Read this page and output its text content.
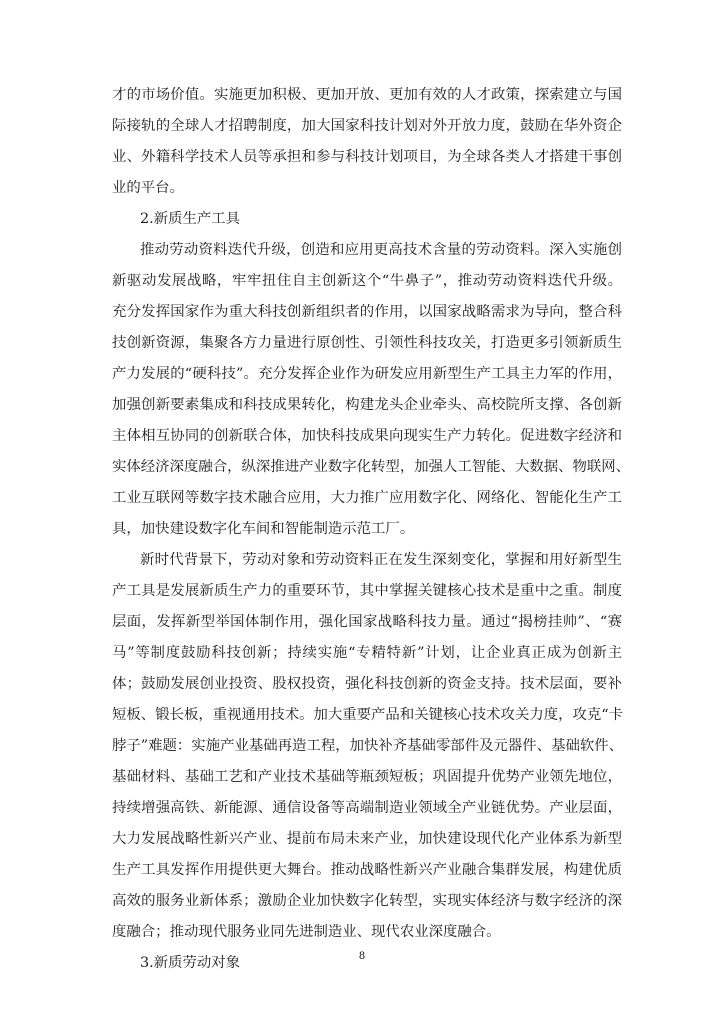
才的市场价值。实施更加积极、更加开放、更加有效的人才政策，探索建立与国
际接轨的全球人才招聘制度，加大国家科技计划对外开放力度，鼓励在华外资企
业、外籍科学技术人员等承担和参与科技计划项目，为全球各类人才搭建干事创
业的平台。
2.新质生产工具
推动劳动资料迭代升级，创造和应用更高技术含量的劳动资料。深入实施创
新驱动发展战略，牢牢扭住自主创新这个“牛鼻子”，推动劳动资料迭代升级。
充分发挥国家作为重大科技创新组织者的作用，以国家战略需求为导向，整合科
技创新资源，集聚各方力量进行原创性、引领性科技攻关，打造更多引领新质生
产力发展的“硬科技”。充分发挥企业作为研发应用新型生产工具主力军的作用，
加强创新要素集成和科技成果转化，构建龙头企业牵头、高校院所支撑、各创新
主体相互协同的创新联合体，加快科技成果向现实生产力转化。促进数字经济和
实体经济深度融合，纵深推进产业数字化转型，加强人工智能、大数据、物联网、
工业互联网等数字技术融合应用，大力推广应用数字化、网络化、智能化生产工
具，加快建设数字化车间和智能制造示范工厂。
新时代背景下，劳动对象和劳动资料正在发生深刻变化，掌握和用好新型生
产工具是发展新质生产力的重要环节，其中掌握关键核心技术是重中之重。制度
层面，发挥新型举国体制作用，强化国家战略科技力量。通过“揭榜挂帅”、“赛
马”等制度鼓励科技创新；持续实施“专精特新”计划，让企业真正成为创新主
体；鼓励发展创业投资、股权投资，强化科技创新的资金支持。技术层面，要补
短板、锻长板，重视通用技术。加大重要产品和关键核心技术攻关力度，攻克“卡
脖子”难题：实施产业基础再造工程，加快补齐基础零部件及元器件、基础软件、
基础材料、基础工艺和产业技术基础等瓶颈短板；巩固提升优势产业领先地位，
持续增强高铁、新能源、通信设备等高端制造业领域全产业链优势。产业层面，
大力发展战略性新兴产业、提前布局未来产业，加快建设现代化产业体系为新型
生产工具发挥作用提供更大舞台。推动战略性新兴产业融合集群发展，构建优质
高效的服务业新体系；激励企业加快数字化转型，实现实体经济与数字经济的深
度融合；推动现代服务业同先进制造业、现代农业深度融合。
3.新质劳动对象	8
